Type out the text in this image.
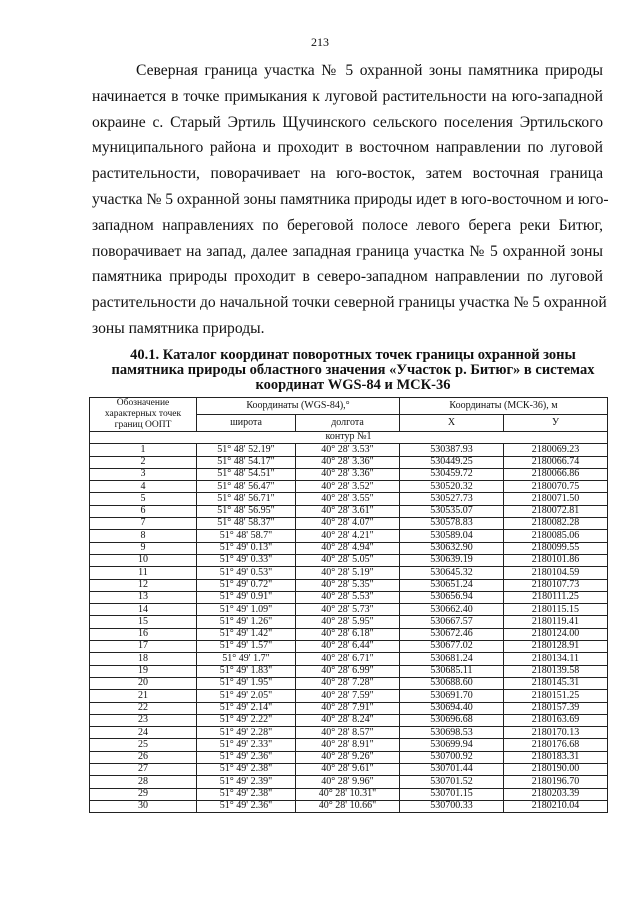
213
Северная граница участка № 5 охранной зоны памятника природы
начинается в точке примыкания к луговой растительности на юго-западной
окраине с. Старый Эртиль Щучинского сельского поселения Эртильского
муниципального района и проходит в восточном направлении по луговой
растительности, поворачивает на юго-восток, затем восточная граница
участка № 5 охранной зоны памятника природы идет в юго-восточном и юго-
западном направлениях по береговой полосе левого берега реки Битюг,
поворачивает на запад, далее западная граница участка № 5 охранной зоны
памятника природы проходит в северо-западном направлении по луговой
растительности до начальной точки северной границы участка № 5 охранной
зоны памятника природы.
40.1. Каталог координат поворотных точек границы охранной зоны
памятника природы областного значения «Участок р. Битюг» в системах
координат WGS-84 и МСК-36
Обозначение характерных точек границ ООПТ	Координаты (WGS-84),°		Координаты (МСК-36), м	
	широта	долгота	X	У
контур №1				
1	51° 48' 52.19"	40° 28' 3.53"	530387.93	2180069.23
2	51° 48' 54.17"	40° 28' 3.36"	530449.25	2180066.74
3	51° 48' 54.51"	40° 28' 3.36"	530459.72	2180066.86
4	51° 48' 56.47"	40° 28' 3.52"	530520.32	2180070.75
5	51° 48' 56.71"	40° 28' 3.55"	530527.73	2180071.50
6	51° 48' 56.95"	40° 28' 3.61"	530535.07	2180072.81
7	51° 48' 58.37"	40° 28' 4.07"	530578.83	2180082.28
8	51° 48' 58.7"	40° 28' 4.21"	530589.04	2180085.06
9	51° 49' 0.13"	40° 28' 4.94"	530632.90	2180099.55
10	51° 49' 0.33"	40° 28' 5.05"	530639.19	2180101.86
11	51° 49' 0.53"	40° 28' 5.19"	530645.32	2180104.59
12	51° 49' 0.72"	40° 28' 5.35"	530651.24	2180107.73
13	51° 49' 0.91"	40° 28' 5.53"	530656.94	2180111.25
14	51° 49' 1.09"	40° 28' 5.73"	530662.40	2180115.15
15	51° 49' 1.26"	40° 28' 5.95"	530667.57	2180119.41
16	51° 49' 1.42"	40° 28' 6.18"	530672.46	2180124.00
17	51° 49' 1.57"	40° 28' 6.44"	530677.02	2180128.91
18	51° 49' 1.7"	40° 28' 6.71"	530681.24	2180134.11
19	51° 49' 1.83"	40° 28' 6.99"	530685.11	2180139.58
20	51° 49' 1.95"	40° 28' 7.28"	530688.60	2180145.31
21	51° 49' 2.05"	40° 28' 7.59"	530691.70	2180151.25
22	51° 49' 2.14"	40° 28' 7.91"	530694.40	2180157.39
23	51° 49' 2.22"	40° 28' 8.24"	530696.68	2180163.69
24	51° 49' 2.28"	40° 28' 8.57"	530698.53	2180170.13
25	51° 49' 2.33"	40° 28' 8.91"	530699.94	2180176.68
26	51° 49' 2.36"	40° 28' 9.26"	530700.92	2180183.31
27	51° 49' 2.38"	40° 28' 9.61"	530701.44	2180190.00
28	51° 49' 2.39"	40° 28' 9.96"	530701.52	2180196.70
29	51° 49' 2.38"	40° 28' 10.31"	530701.15	2180203.39
30	51° 49' 2.36"	40° 28' 10.66"	530700.33	2180210.04
